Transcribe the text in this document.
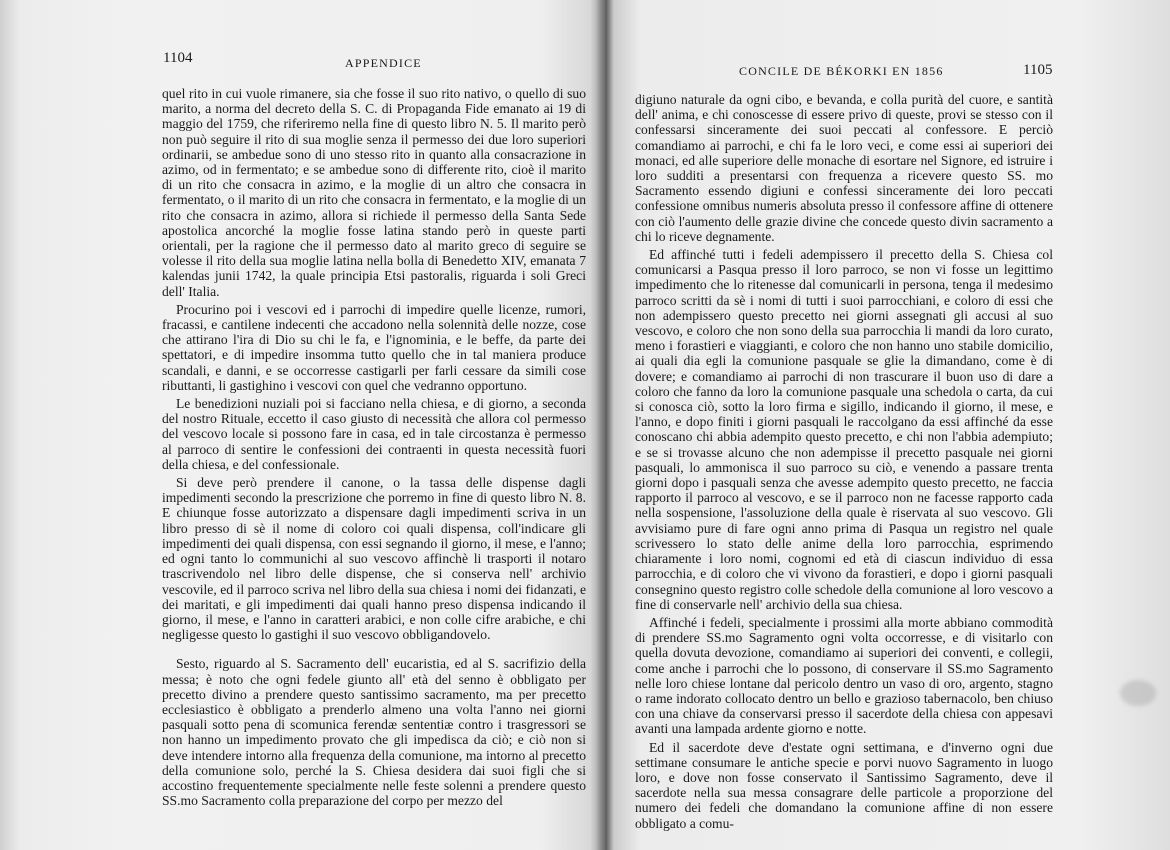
1104	APPENDICE

quel rito in cui vuole rimanere, sia che fosse il suo rito nativo, o quello di suo marito, a norma del decreto della S. C. di Propaganda Fide emanato ai 19 di maggio del 1759, che riferiremo nella fine di questo libro N. 5. Il marito però non può seguire il rito di sua moglie senza il permesso dei due loro superiori ordinarii, se ambedue sono di uno stesso rito in quanto alla consacrazione in azimo, od in fermentato; e se ambedue sono di differente rito, cioè il marito di un rito che consacra in azimo, e la moglie di un altro che consacra in fermentato, o il marito di un rito che consacra in fermentato, e la moglie di un rito che consacra in azimo, allora si richiede il permesso della Santa Sede apostolica ancorché la moglie fosse latina stando però in queste parti orientali, per la ragione che il permesso dato al marito greco di seguire se volesse il rito della sua moglie latina nella bolla di Benedetto XIV, emanata 7 kalendas junii 1742, la quale principia Etsi pastoralis, riguarda i soli Greci dell' Italia.

Procurino poi i vescovi ed i parrochi di impedire quelle licenze, rumori, fracassi, e cantilene indecenti che accadono nella solennità delle nozze, cose che attirano l'ira di Dio su chi le fa, e l'ignominia, e le beffe, da parte dei spettatori, e di impedire insomma tutto quello che in tal maniera produce scandali, e danni, e se occorresse castigarli per farli cessare da simili cose ributtanti, li gastighino i vescovi con quel che vedranno opportuno.

Le benedizioni nuziali poi si facciano nella chiesa, e di giorno, a seconda del nostro Rituale, eccetto il caso giusto di necessità che allora col permesso del vescovo locale si possono fare in casa, ed in tale circostanza è permesso al parroco di sentire le confessioni dei contraenti in questa necessità fuori della chiesa, e del confessionale.

Si deve però prendere il canone, o la tassa delle dispense dagli impedimenti secondo la prescrizione che porremo in fine di questo libro N. 8. E chiunque fosse autorizzato a dispensare dagli impedimenti scriva in un libro presso di sè il nome di coloro coi quali dispensa, coll'indicare gli impedimenti dei quali dispensa, con essi segnando il giorno, il mese, e l'anno; ed ogni tanto lo communichi al suo vescovo affinchè li trasporti il notaro trascrivendolo nel libro delle dispense, che si conserva nell' archivio vescovile, ed il parroco scriva nel libro della sua chiesa i nomi dei fidanzati, e dei maritati, e gli impedimenti dai quali hanno preso dispensa indicando il giorno, il mese, e l'anno in caratteri arabici, e non colle cifre arabiche, e chi negligesse questo lo gastighi il suo vescovo obbligandovelo.

Sesto, riguardo al S. Sacramento dell' eucaristia, ed al S. sacrifizio della messa; è noto che ogni fedele giunto all' età del senno è obbligato per precetto divino a prendere questo santissimo sacramento, ma per precetto ecclesiastico è obbligato a prenderlo almeno una volta l'anno nei giorni pasquali sotto pena di scomunica ferendæ sententiæ contro i trasgressori se non hanno un impedimento provato che gli impedisca da ciò; e ciò non si deve intendere intorno alla frequenza della comunione, ma intorno al precetto della comunione solo, perché la S. Chiesa desidera dai suoi figli che si accostino frequentemente specialmente nelle feste solenni a prendere questo SS.mo Sacramento colla preparazione del corpo per mezzo del

CONCILE DE BÉKORKI EN 1856	1105

digiuno naturale da ogni cibo, e bevanda, e colla purità del cuore, e santità dell' anima, e chi conoscesse di essere privo di queste, provi se stesso con il confessarsi sinceramente dei suoi peccati al confessore. E perciò comandiamo ai parrochi, e chi fa le loro veci, e come essi ai superiori dei monaci, ed alle superiore delle monache di esortare nel Signore, ed istruire i loro sudditi a presentarsi con frequenza a ricevere questo SS. mo Sacramento essendo digiuni e confessi sinceramente dei loro peccati confessione omnibus numeris absoluta presso il confessore affine di ottenere con ciò l'aumento delle grazie divine che concede questo divin sacramento a chi lo riceve degnamente.

Ed affinché tutti i fedeli adempissero il precetto della S. Chiesa col comunicarsi a Pasqua presso il loro parroco, se non vi fosse un legittimo impedimento che lo ritenesse dal comunicarli in persona, tenga il medesimo parroco scritti da sè i nomi di tutti i suoi parrocchiani, e coloro di essi che non adempissero questo precetto nei giorni assegnati gli accusi al suo vescovo, e coloro che non sono della sua parrocchia li mandi da loro curato, meno i forastieri e viaggianti, e coloro che non hanno uno stabile domicilio, ai quali dia egli la comunione pasquale se glie la dimandano, come è di dovere; e comandiamo ai parrochi di non trascurare il buon uso di dare a coloro che fanno da loro la comunione pasquale una schedola o carta, da cui si conosca ciò, sotto la loro firma e sigillo, indicando il giorno, il mese, e l'anno, e dopo finiti i giorni pasquali le raccolgano da essi affinché da esse conoscano chi abbia adempito questo precetto, e chi non l'abbia adempiuto; e se si trovasse alcuno che non adempisse il precetto pasquale nei giorni pasquali, lo ammonisca il suo parroco su ciò, e venendo a passare trenta giorni dopo i pasquali senza che avesse adempito questo precetto, ne faccia rapporto il parroco al vescovo, e se il parroco non ne facesse rapporto cada nella sospensione, l'assoluzione della quale è riservata al suo vescovo. Gli avvisiamo pure di fare ogni anno prima di Pasqua un registro nel quale scrivessero lo stato delle anime della loro parrocchia, esprimendo chiaramente i loro nomi, cognomi ed età di ciascun individuo di essa parrocchia, e di coloro che vi vivono da forastieri, e dopo i giorni pasquali consegnino questo registro colle schedole della comunione al loro vescovo a fine di conservarle nell' archivio della sua chiesa.

Affinché i fedeli, specialmente i prossimi alla morte abbiano commodità di prendere SS.mo Sagramento ogni volta occorresse, e di visitarlo con quella dovuta devozione, comandiamo ai superiori dei conventi, e collegii, come anche i parrochi che lo possono, di conservare il SS.mo Sagramento nelle loro chiese lontane dal pericolo dentro un vaso di oro, argento, stagno o rame indorato collocato dentro un bello e grazioso tabernacolo, ben chiuso con una chiave da conservarsi presso il sacerdote della chiesa con appesavi avanti una lampada ardente giorno e notte.

Ed il sacerdote deve d'estate ogni settimana, e d'inverno ogni due settimane consumare le antiche specie e porvi nuovo Sagramento in luogo loro, e dove non fosse conservato il Santissimo Sagramento, deve il sacerdote nella sua messa consagrare delle particole a proporzione del numero dei fedeli che domandano la comunione affine di non essere obbligato a comu-
